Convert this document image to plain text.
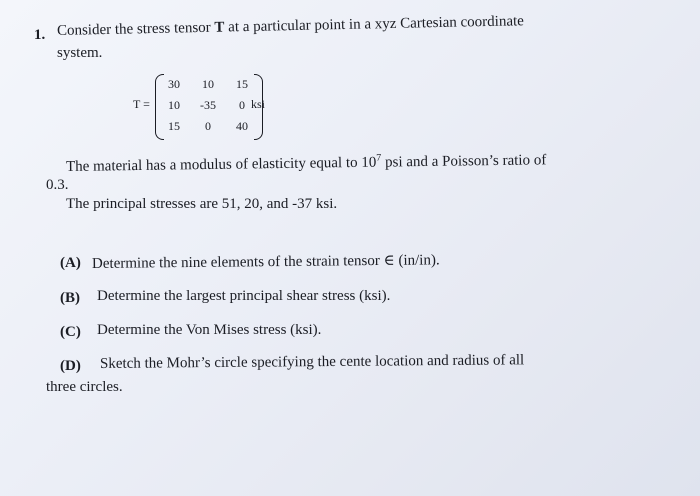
1. Consider the stress tensor T at a particular point in a xyz Cartesian coordinate
system.
T =
30	10	15
10	-35	0
15	0	40
ksi
The material has a modulus of elasticity equal to $10^7$ psi and a Poisson’s ratio of
0.3.
The principal stresses are 51, 20, and -37 ksi.
(A) Determine the nine elements of the strain tensor ∈ (in/in).
(B) Determine the largest principal shear stress (ksi).
(C) Determine the Von Mises stress (ksi).
(D) Sketch the Mohr’s circle specifying the cente location and radius of all
three circles.
